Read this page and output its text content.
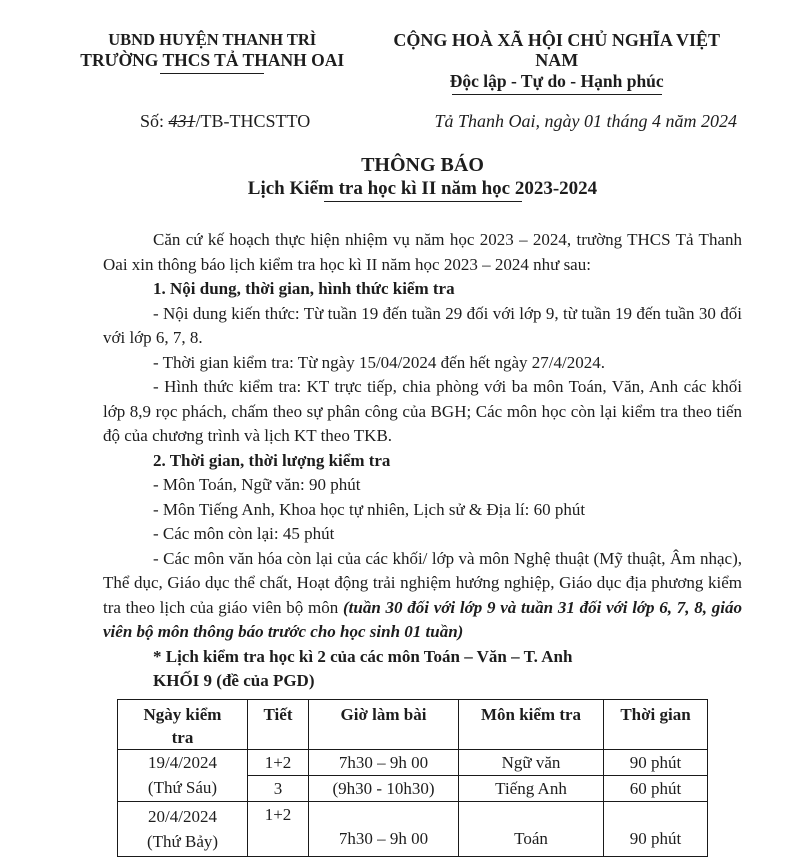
UBND HUYỆN THANH TRÌ
TRƯỜNG THCS TẢ THANH OAI
CỘNG HOÀ XÃ HỘI CHỦ NGHĨA VIỆT NAM
Độc lập - Tự do - Hạnh phúc
Số: 431/TB-THCSTTO	Tả Thanh Oai, ngày 01 tháng 4 năm 2024
THÔNG BÁO
Lịch Kiểm tra học kì II năm học 2023-2024

Căn cứ kế hoạch thực hiện nhiệm vụ năm học 2023 – 2024, trường THCS Tả Thanh Oai xin thông báo lịch kiểm tra học kì II năm học 2023 – 2024 như sau:

1. Nội dung, thời gian, hình thức kiểm tra

- Nội dung kiến thức: Từ tuần 19 đến tuần 29 đối với lớp 9, từ tuần 19 đến tuần 30 đối với lớp 6, 7, 8.

- Thời gian kiểm tra: Từ ngày 15/04/2024 đến hết ngày 27/4/2024.

- Hình thức kiểm tra: KT trực tiếp, chia phòng với ba môn Toán, Văn, Anh các khối lớp 8,9 rọc phách, chấm theo sự phân công của BGH; Các môn học còn lại kiểm tra theo tiến độ của chương trình và lịch KT theo TKB.

2. Thời gian, thời lượng kiểm tra

- Môn Toán, Ngữ văn: 90 phút

- Môn Tiếng Anh, Khoa học tự nhiên, Lịch sử & Địa lí: 60 phút

- Các môn còn lại: 45 phút

- Các môn văn hóa còn lại của các khối/ lớp và môn Nghệ thuật (Mỹ thuật, Âm nhạc), Thể dục, Giáo dục thể chất, Hoạt động trải nghiệm hướng nghiệp, Giáo dục địa phương kiểm tra theo lịch của giáo viên bộ môn (tuần 30 đối với lớp 9 và tuần 31 đối với lớp 6, 7, 8, giáo viên bộ môn thông báo trước cho học sinh 01 tuần)

* Lịch kiểm tra học kì 2 của các môn Toán – Văn – T. Anh

KHỐI 9 (đề của PGD)

Ngày kiểm tra	Tiết	Giờ làm bài	Môn kiểm tra	Thời gian

19/4/2024
(Thứ Sáu)	1+2	7h30 – 9h 00	Ngữ văn	90 phút
	3	(9h30 - 10h30)	Tiếng Anh	60 phút

20/4/2024
(Thứ Bảy)	1+2	7h30 – 9h 00	Toán	90 phút
